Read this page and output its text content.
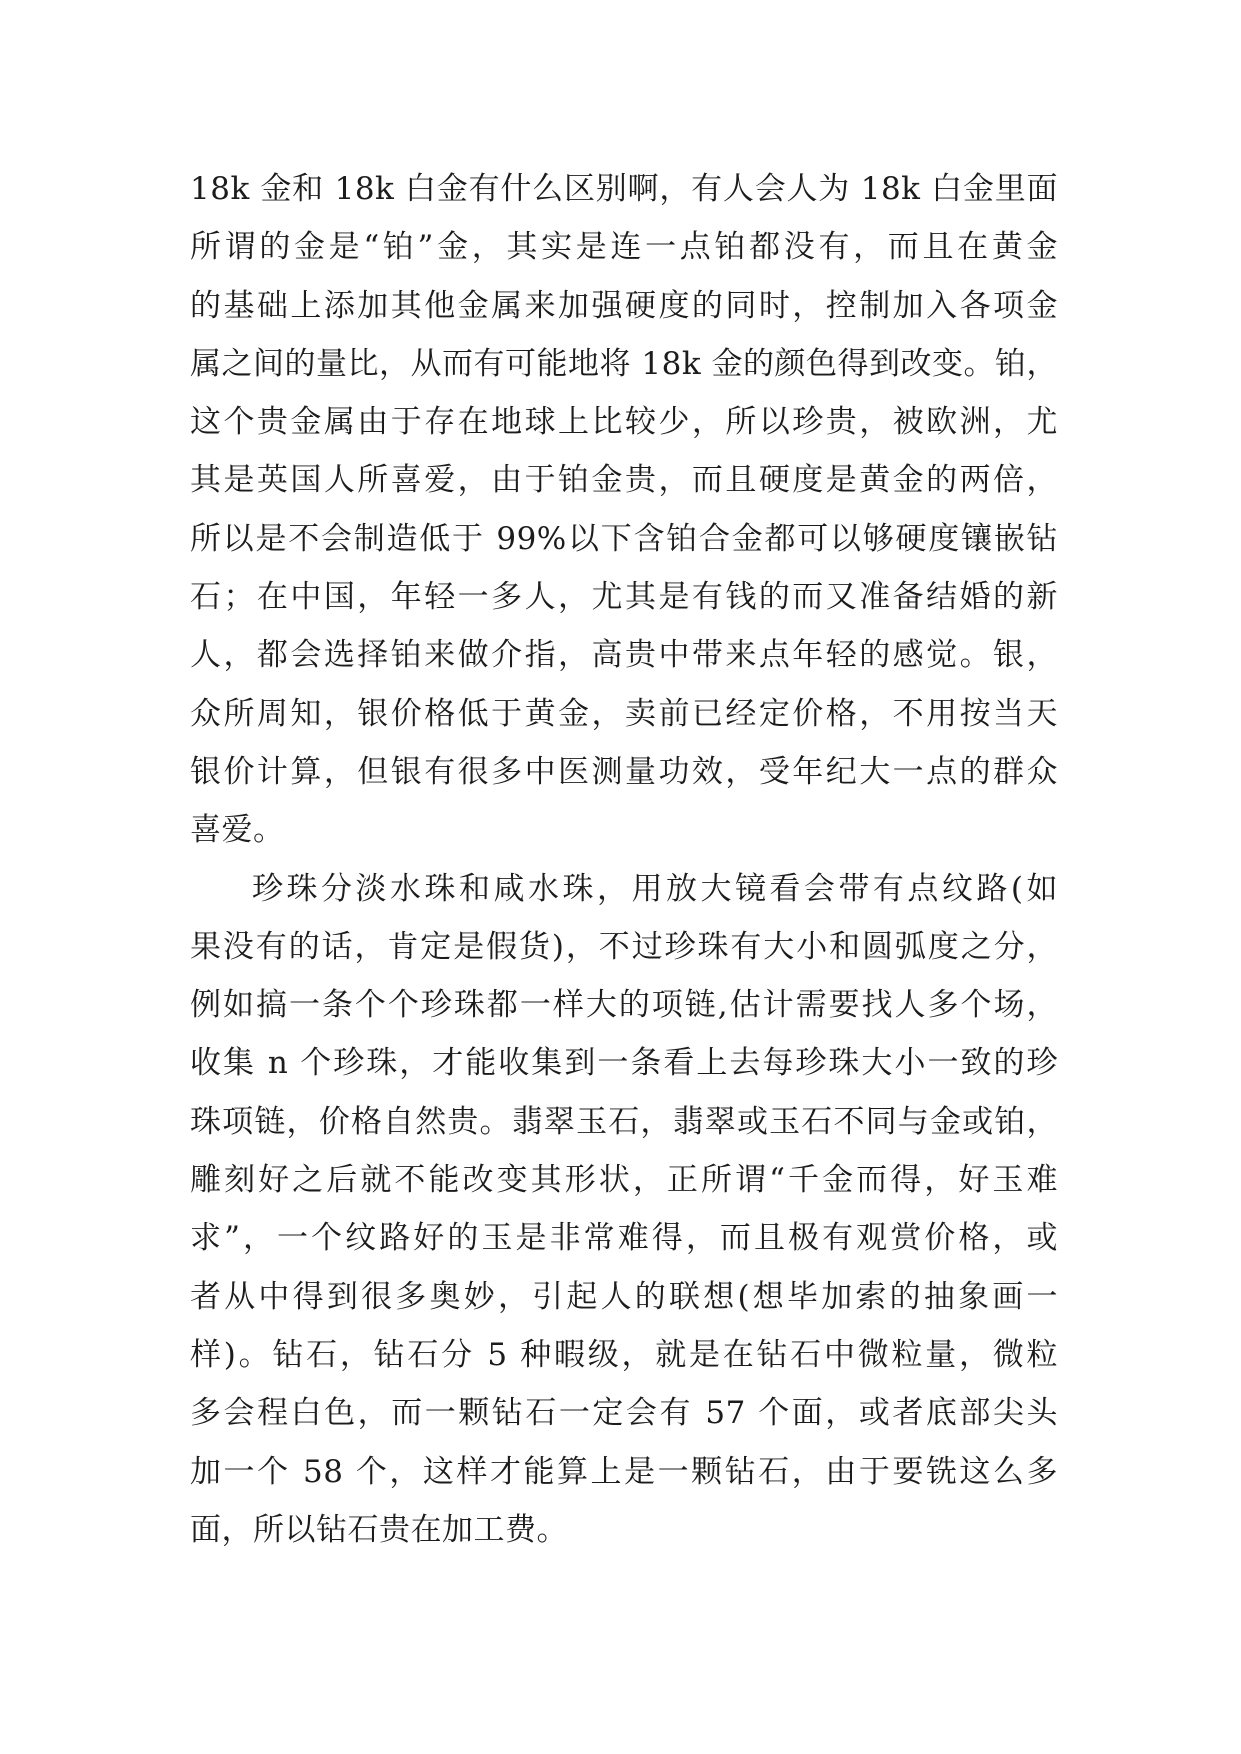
18k 金和 18k 白金有什么区别啊，有人会人为 18k 白金里面
所谓的金是“铂”金，其实是连一点铂都没有，而且在黄金
的基础上添加其他金属来加强硬度的同时，控制加入各项金
属之间的量比，从而有可能地将 18k 金的颜色得到改变。铂，
这个贵金属由于存在地球上比较少，所以珍贵，被欧洲，尤
其是英国人所喜爱，由于铂金贵，而且硬度是黄金的两倍，
所以是不会制造低于 99%以下含铂合金都可以够硬度镶嵌钻
石；在中国，年轻一多人，尤其是有钱的而又准备结婚的新
人，都会选择铂来做介指，高贵中带来点年轻的感觉。银，
众所周知，银价格低于黄金，卖前已经定价格，不用按当天
银价计算，但银有很多中医测量功效，受年纪大一点的群众
喜爱。
珍珠分淡水珠和咸水珠，用放大镜看会带有点纹路(如
果没有的话，肯定是假货)，不过珍珠有大小和圆弧度之分，
例如搞一条个个珍珠都一样大的项链,估计需要找人多个场，
收集 n 个珍珠，才能收集到一条看上去每珍珠大小一致的珍
珠项链，价格自然贵。翡翠玉石，翡翠或玉石不同与金或铂，
雕刻好之后就不能改变其形状，正所谓“千金而得，好玉难
求”，一个纹路好的玉是非常难得，而且极有观赏价格，或
者从中得到很多奥妙，引起人的联想(想毕加索的抽象画一
样)。钻石，钻石分 5 种暇级，就是在钻石中微粒量，微粒
多会程白色，而一颗钻石一定会有 57 个面，或者底部尖头
加一个 58 个，这样才能算上是一颗钻石，由于要铣这么多
面，所以钻石贵在加工费。
